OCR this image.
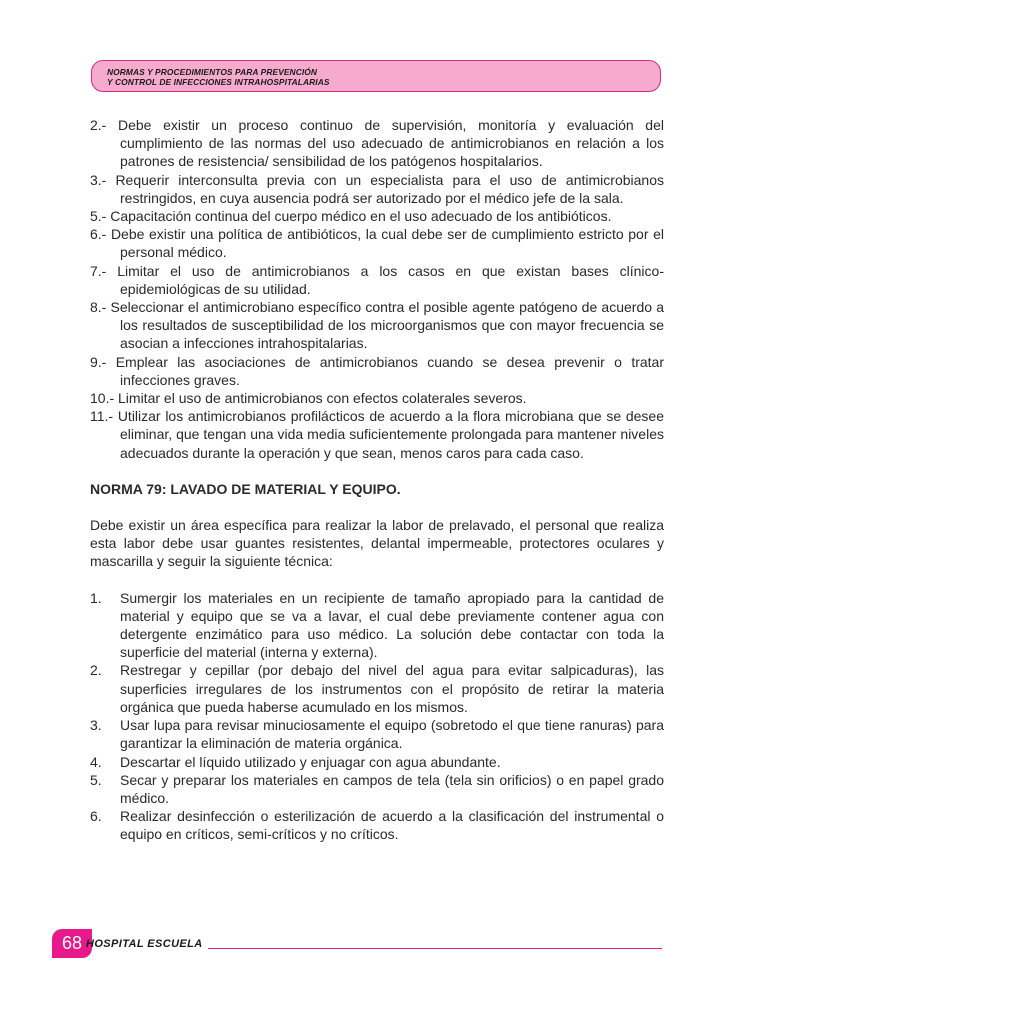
NORMAS Y PROCEDIMIENTOS PARA PREVENCIÓN
Y CONTROL DE INFECCIONES INTRAHOSPITALARIAS
2.- Debe existir un proceso continuo de supervisión, monitoría y evaluación del cumplimiento de las normas del uso adecuado de antimicrobianos en relación a los patrones de resistencia/ sensibilidad de los patógenos hospitalarios.
3.- Requerir interconsulta previa con un especialista para el uso de antimicrobianos restringidos, en cuya ausencia podrá ser autorizado por el médico jefe de la sala.
5.- Capacitación continua del cuerpo médico en el uso adecuado de los antibióticos.
6.- Debe existir una política de antibióticos, la cual debe ser de cumplimiento estricto por el personal médico.
7.- Limitar el uso de antimicrobianos a los casos en que existan bases clínico-epidemiológicas de su utilidad.
8.- Seleccionar el antimicrobiano específico contra el posible agente patógeno de acuerdo a los resultados de susceptibilidad de los microorganismos que con mayor frecuencia se asocian a infecciones intrahospitalarias.
9.- Emplear las asociaciones de antimicrobianos cuando se desea prevenir o tratar infecciones graves.
10.- Limitar el uso de antimicrobianos con efectos colaterales severos.
11.- Utilizar los antimicrobianos profilácticos de acuerdo a la flora microbiana que se desee eliminar, que tengan una vida media suficientemente prolongada para mantener niveles adecuados durante la operación y que sean, menos caros para cada caso.
NORMA 79: LAVADO DE MATERIAL Y EQUIPO.
Debe existir un área específica para realizar la labor de prelavado, el personal que realiza esta labor debe usar guantes resistentes, delantal impermeable, protectores oculares y mascarilla y seguir la siguiente técnica:
1.	Sumergir los materiales en un recipiente de tamaño apropiado para la cantidad de material y equipo que se va a lavar, el cual debe previamente contener agua con detergente enzimático para uso médico. La solución debe contactar con toda la superficie del material (interna y externa).
2.	Restregar y cepillar (por debajo del nivel del agua para evitar salpicaduras), las superficies irregulares de los instrumentos con el propósito de retirar la materia orgánica que pueda haberse acumulado en los mismos.
3.	Usar lupa para revisar minuciosamente el equipo (sobretodo el que tiene ranuras) para garantizar la eliminación de materia orgánica.
4.	Descartar el líquido utilizado y enjuagar con agua abundante.
5.	Secar y preparar los materiales en campos de tela (tela sin orificios) o en papel grado médico.
6.	Realizar desinfección o esterilización de acuerdo a la clasificación del instrumental o equipo en críticos, semi-críticos y no críticos.
68 HOSPITAL ESCUELA
